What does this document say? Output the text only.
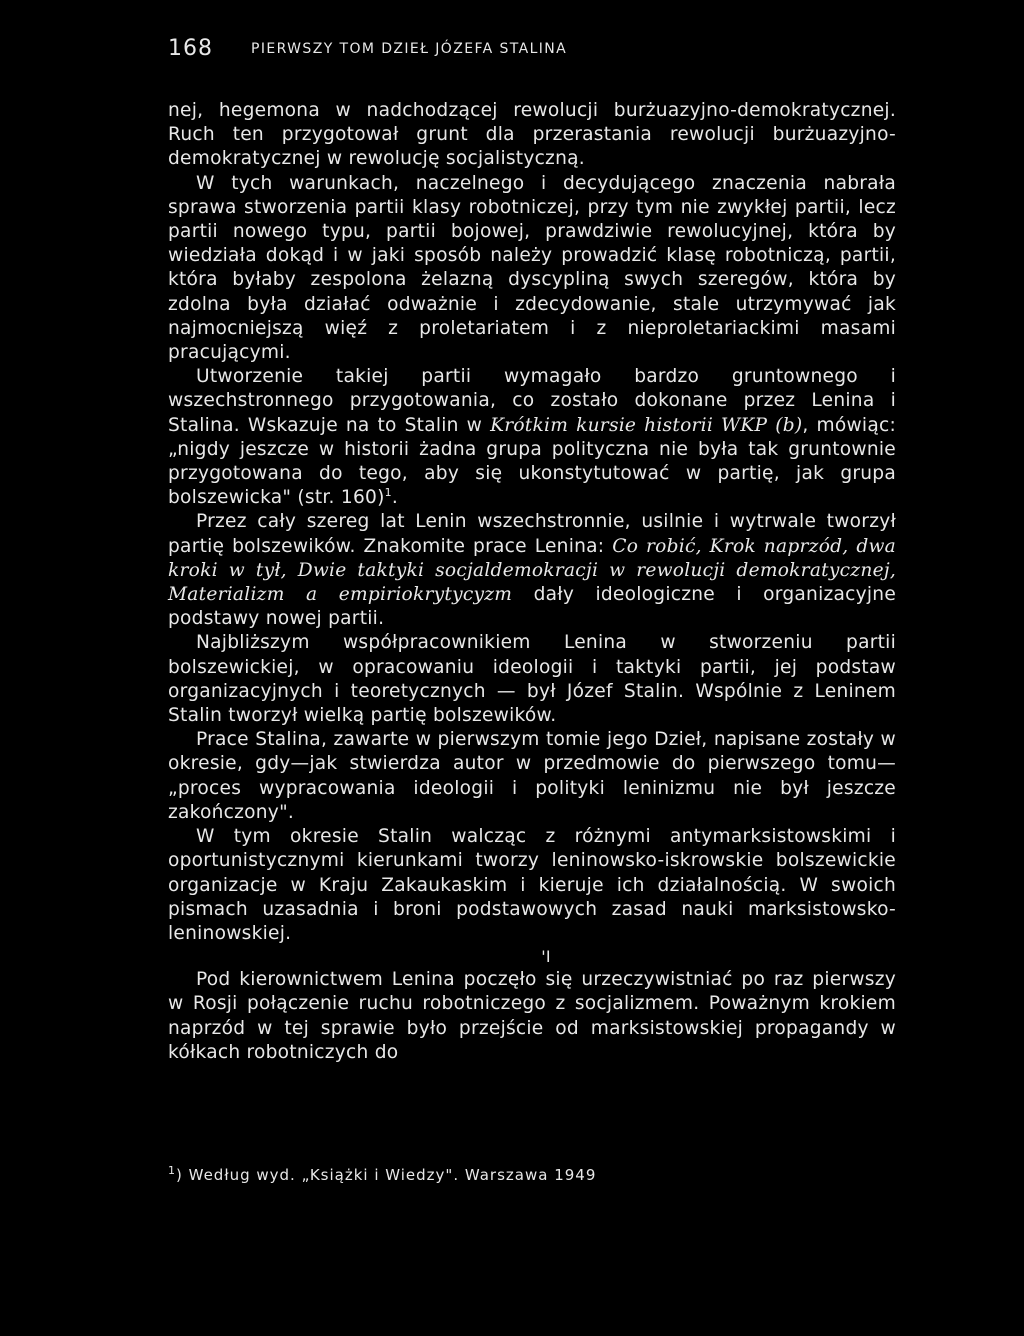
168	PIERWSZY TOM DZIEŁ JÓZEFA STALINA

nej, hegemona w nadchodzącej rewolucji burżuazyjno-demokratycznej. Ruch ten przygotował grunt dla przerastania rewolucji burżuazyjno-demokratycznej w rewolucję socjalistyczną.

W tych warunkach, naczelnego i decydującego znaczenia nabrała sprawa stworzenia partii klasy robotniczej, przy tym nie zwykłej partii, lecz partii nowego typu, partii bojowej, prawdziwie rewolucyjnej, która by wiedziała dokąd i w jaki sposób należy prowadzić klasę robotniczą, partii, która byłaby zespolona żelazną dyscypliną swych szeregów, która by zdolna była działać odważnie i zdecydowanie, stale utrzymywać jak najmocniejszą więź z proletariatem i z nieproletariackimi masami pracującymi.

Utworzenie takiej partii wymagało bardzo gruntownego i wszechstronnego przygotowania, co zostało dokonane przez Lenina i Stalina. Wskazuje na to Stalin w Krótkim kursie historii WKP (b), mówiąc: „nigdy jeszcze w historii żadna grupa polityczna nie była tak gruntownie przygotowana do tego, aby się ukonstytutować w partię, jak grupa bolszewicka" (str. 160)$^1$.

Przez cały szereg lat Lenin wszechstronnie, usilnie i wytrwale tworzył partię bolszewików. Znakomite prace Lenina: Co robić, Krok naprzód, dwa kroki w tył, Dwie taktyki socjaldemokracji w rewolucji demokratycznej, Materializm a empiriokrytycyzm dały ideologiczne i organizacyjne podstawy nowej partii.

Najbliższym współpracownikiem Lenina w stworzeniu partii bolszewickiej, w opracowaniu ideologii i taktyki partii, jej podstaw organizacyjnych i teoretycznych — był Józef Stalin. Wspólnie z Leninem Stalin tworzył wielką partię bolszewików.

Prace Stalina, zawarte w pierwszym tomie jego Dzieł, napisane zostały w okresie, gdy—jak stwierdza autor w przedmowie do pierwszego tomu— „proces wypracowania ideologii i polityki leninizmu nie był jeszcze zakończony".

W tym okresie Stalin walcząc z różnymi antymarksistowskimi i oportunistycznymi kierunkami tworzy leninowsko-iskrowskie bolszewickie organizacje w Kraju Zakaukaskim i kieruje ich działalnością. W swoich pismach uzasadnia i broni podstawowych zasad nauki marksistowsko-leninowskiej.

'I

Pod kierownictwem Lenina poczęło się urzeczywistniać po raz pierwszy w Rosji połączenie ruchu robotniczego z socjalizmem. Poważnym krokiem naprzód w tej sprawie było przejście od marksistowskiej propagandy w kółkach robotniczych do

$^1$) Według wyd. „Książki i Wiedzy". Warszawa 1949
